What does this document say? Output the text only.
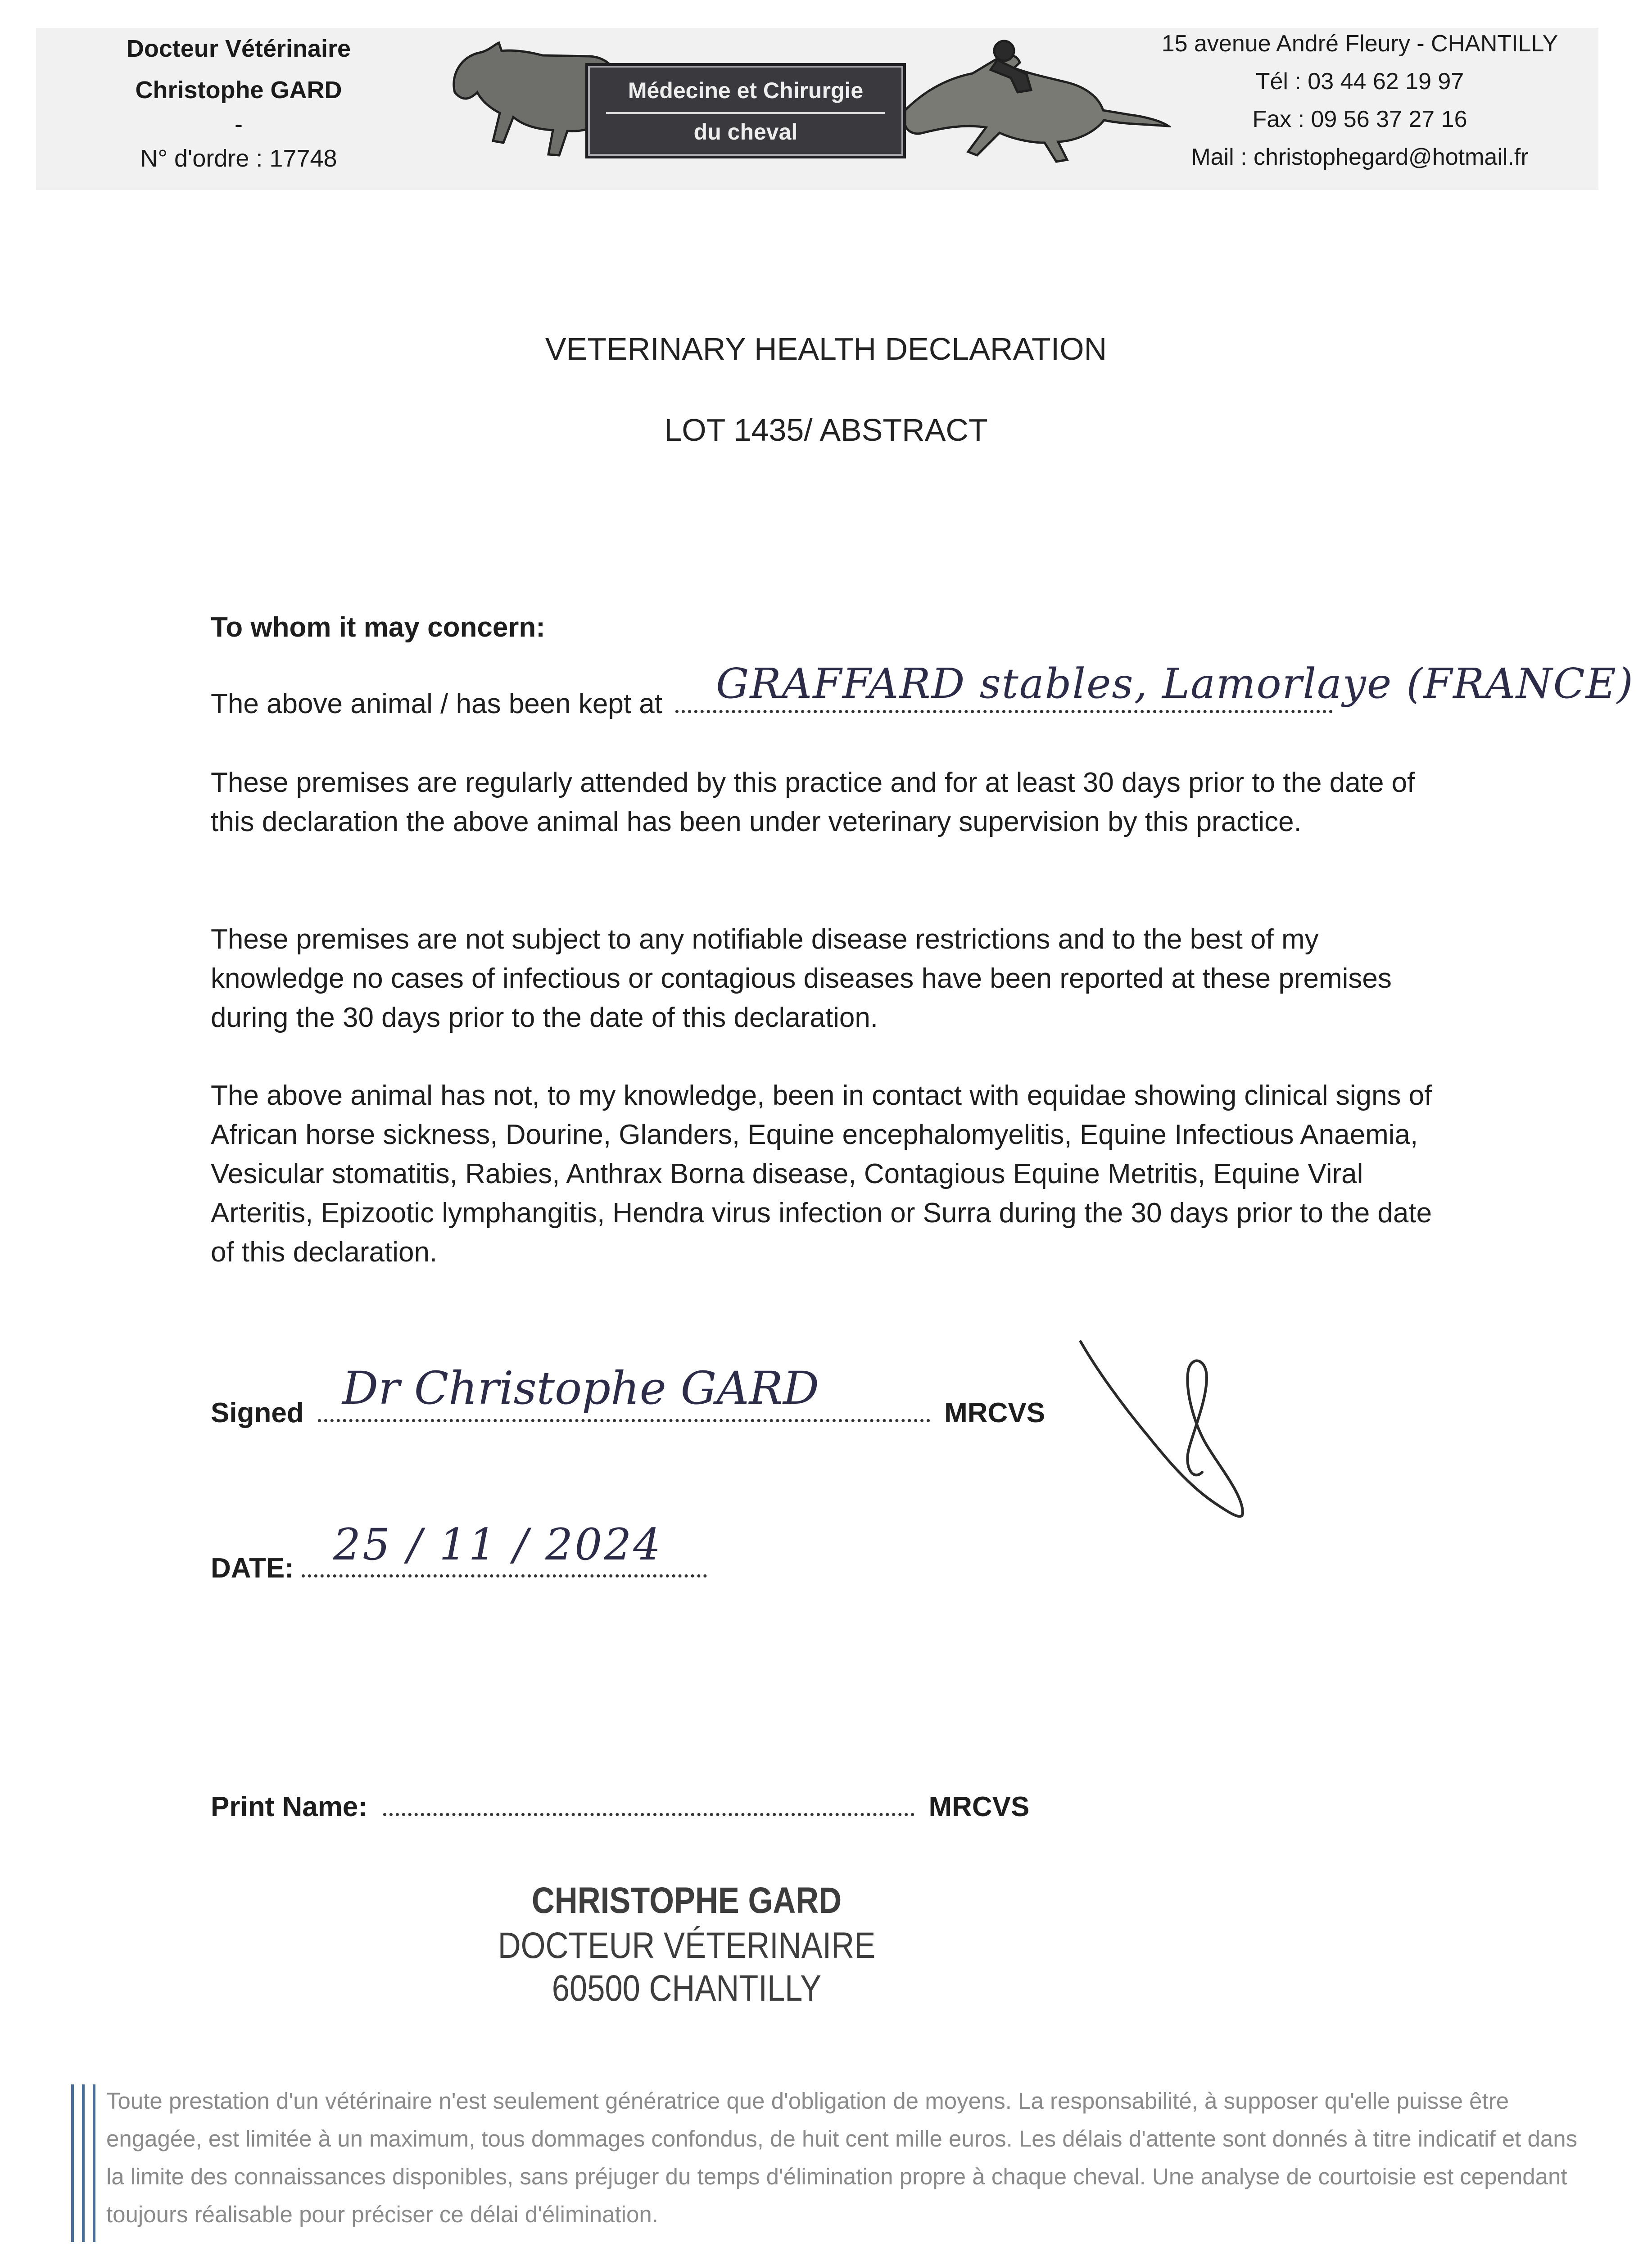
Docteur Vétérinaire
Christophe GARD
-
N° d'ordre : 17748
Médecine et Chirurgie
du cheval
15 avenue André Fleury - CHANTILLY
Tél : 03 44 62 19 97
Fax : 09 56 37 27 16
Mail : christophegard@hotmail.fr
VETERINARY HEALTH DECLARATION
LOT 1435/ ABSTRACT
To whom it may concern:
The above animal / has been kept at	GRAFFARD stables, Lamorlaye (FRANCE)
These premises are regularly attended by this practice and for at least 30 days prior to the date of this declaration the above animal has been under veterinary supervision by this practice.
These premises are not subject to any notifiable disease restrictions and to the best of my knowledge no cases of infectious or contagious diseases have been reported at these premises during the 30 days prior to the date of this declaration.
The above animal has not, to my knowledge, been in contact with equidae showing clinical signs of African horse sickness, Dourine, Glanders, Equine encephalomyelitis, Equine Infectious Anaemia, Vesicular stomatitis, Rabies, Anthrax Borna disease, Contagious Equine Metritis, Equine Viral Arteritis, Epizootic lymphangitis, Hendra virus infection or Surra during the 30 days prior to the date of this declaration.
Signed	MRCVS
Dr Christophe GARD
DATE: 25 / 11 / 2024
Print Name:	MRCVS
CHRISTOPHE GARD
DOCTEUR VÉTERINAIRE
60500 CHANTILLY
Toute prestation d'un vétérinaire n'est seulement génératrice que d'obligation de moyens. La responsabilité, à supposer qu'elle puisse être engagée, est limitée à un maximum, tous dommages confondus, de huit cent mille euros. Les délais d'attente sont donnés à titre indicatif et dans la limite des connaissances disponibles, sans préjuger du temps d'élimination propre à chaque cheval. Une analyse de courtoisie est cependant toujours réalisable pour préciser ce délai d'élimination.
